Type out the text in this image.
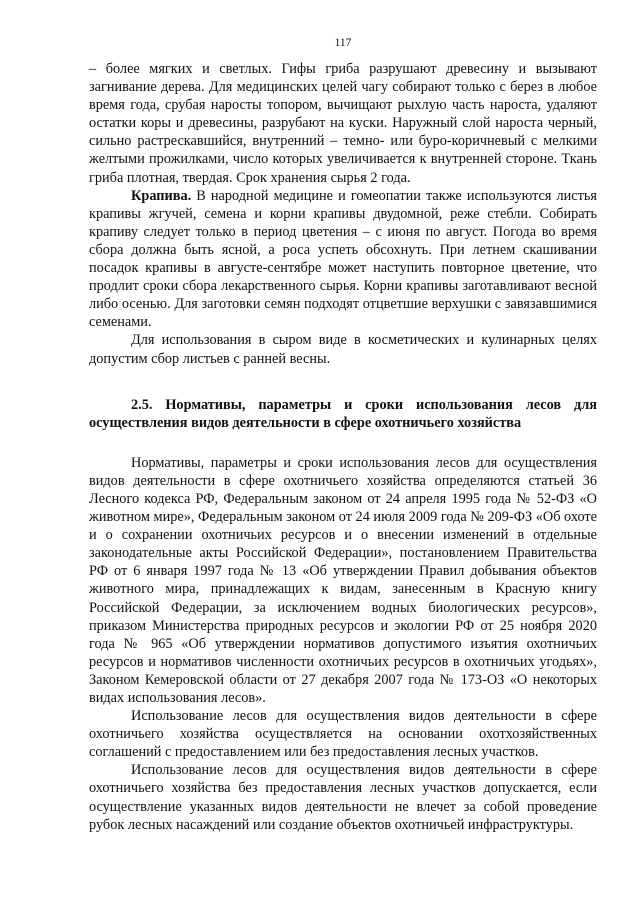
117

– более мягких и светлых. Гифы гриба разрушают древесину и вызывают загнивание дерева. Для медицинских целей чагу собирают только с берез в любое время года, срубая наросты топором, вычищают рыхлую часть нароста, удаляют остатки коры и древесины, разрубают на куски. Наружный слой нароста черный, сильно растрескавшийся, внутренний – темно- или буро-коричневый с мелкими желтыми прожилками, число которых увеличивается к внутренней стороне. Ткань гриба плотная, твердая. Срок хранения сырья 2 года.

Крапива. В народной медицине и гомеопатии также используются листья крапивы жгучей, семена и корни крапивы двудомной, реже стебли. Собирать крапиву следует только в период цветения – с июня по август. Погода во время сбора должна быть ясной, а роса успеть обсохнуть. При летнем скашивании посадок крапивы в августе-сентябре может наступить повторное цветение, что продлит сроки сбора лекарственного сырья. Корни крапивы заготавливают весной либо осенью. Для заготовки семян подходят отцветшие верхушки с завязавшимися семенами.

Для использования в сыром виде в косметических и кулинарных целях допустим сбор листьев с ранней весны.

2.5. Нормативы, параметры и сроки использования лесов для осуществления видов деятельности в сфере охотничьего хозяйства

Нормативы, параметры и сроки использования лесов для осуществления видов деятельности в сфере охотничьего хозяйства определяются статьей 36 Лесного кодекса РФ, Федеральным законом от 24 апреля 1995 года № 52-ФЗ «О животном мире», Федеральным законом от 24 июля 2009 года № 209-ФЗ «Об охоте и о сохранении охотничьих ресурсов и о внесении изменений в отдельные законодательные акты Российской Федерации», постановлением Правительства РФ от 6 января 1997 года № 13 «Об утверждении Правил добывания объектов животного мира, принадлежащих к видам, занесенным в Красную книгу Российской Федерации, за исключением водных биологических ресурсов», приказом Министерства природных ресурсов и экологии РФ от 25 ноября 2020 года № 965 «Об утверждении нормативов допустимого изъятия охотничьих ресурсов и нормативов численности охотничьих ресурсов в охотничьих угодьях», Законом Кемеровской области от 27 декабря 2007 года № 173-ОЗ «О некоторых видах использования лесов».

Использование лесов для осуществления видов деятельности в сфере охотничьего хозяйства осуществляется на основании охотхозяйственных соглашений с предоставлением или без предоставления лесных участков.

Использование лесов для осуществления видов деятельности в сфере охотничьего хозяйства без предоставления лесных участков допускается, если осуществление указанных видов деятельности не влечет за собой проведение рубок лесных насаждений или создание объектов охотничьей инфраструктуры.
